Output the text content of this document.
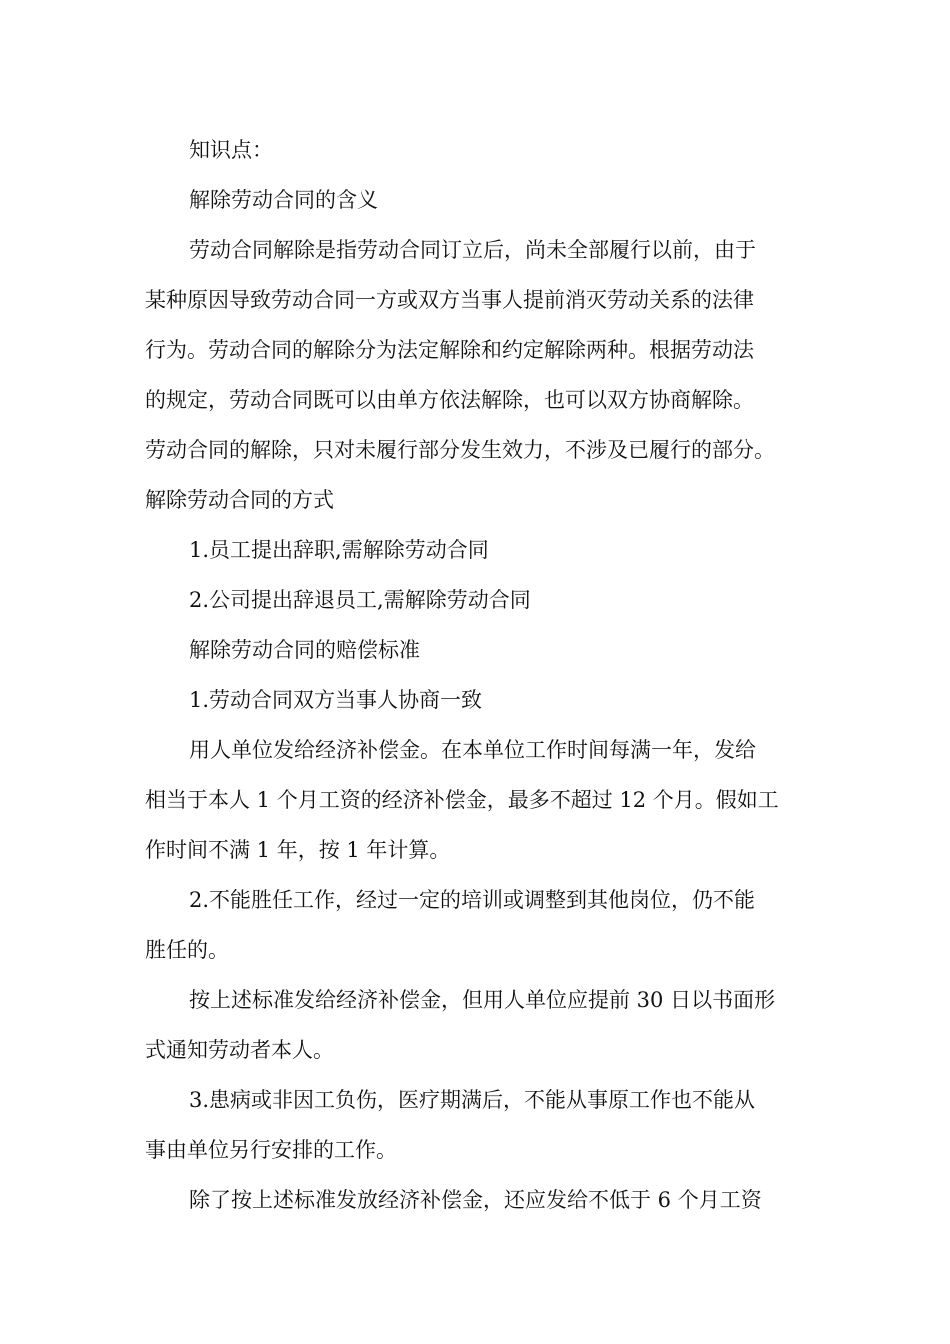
知识点：
解除劳动合同的含义
劳动合同解除是指劳动合同订立后，尚未全部履行以前，由于
某种原因导致劳动合同一方或双方当事人提前消灭劳动关系的法律
行为。劳动合同的解除分为法定解除和约定解除两种。根据劳动法
的规定，劳动合同既可以由单方依法解除，也可以双方协商解除。
劳动合同的解除，只对未履行部分发生效力，不涉及已履行的部分。
解除劳动合同的方式
1.员工提出辞职,需解除劳动合同
2.公司提出辞退员工,需解除劳动合同
解除劳动合同的赔偿标准
1.劳动合同双方当事人协商一致
用人单位发给经济补偿金。在本单位工作时间每满一年，发给
相当于本人 1 个月工资的经济补偿金，最多不超过 12 个月。假如工
作时间不满 1 年，按 1 年计算。
2.不能胜任工作，经过一定的培训或调整到其他岗位，仍不能
胜任的。
按上述标准发给经济补偿金，但用人单位应提前 30 日以书面形
式通知劳动者本人。
3.患病或非因工负伤，医疗期满后，不能从事原工作也不能从
事由单位另行安排的工作。
除了按上述标准发放经济补偿金，还应发给不低于 6 个月工资
